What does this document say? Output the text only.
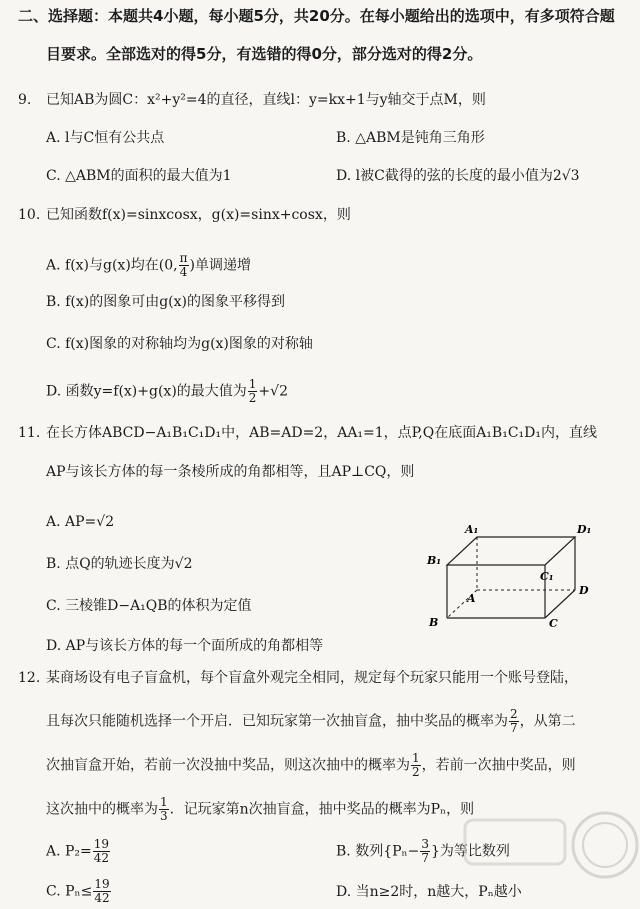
二、选择题：本题共4小题，每小题5分，共20分。在每小题给出的选项中，有多项符合题
目要求。全部选对的得5分，有选错的得0分，部分选对的得2分。
9. 已知AB为圆C：x²+y²=4的直径，直线l：y=kx+1与y轴交于点M，则
A. l与C恒有公共点	B. △ABM是钝角三角形
C. △ABM的面积的最大值为1	D. l被C截得的弦的长度的最小值为2√3
10. 已知函数f(x)=sinxcosx，g(x)=sinx+cosx，则
A. f(x)与g(x)均在(0, $\frac{\pi}{4}$ )单调递增
B. f(x)的图象可由g(x)的图象平移得到
C. f(x)图象的对称轴均为g(x)图象的对称轴
D. 函数y=f(x)+g(x)的最大值为 $\frac{1}{2} +√2$
11. 在长方体ABCD−A₁B₁C₁D₁中，AB=AD=2，AA₁=1，点P,Q在底面A₁B₁C₁D₁内，直线
AP与该长方体的每一条棱所成的角都相等，且AP⊥CQ，则
A. AP=√2
B. 点Q的轨迹长度为√2
C. 三棱锥D−A₁QB的体积为定值
D. AP与该长方体的每一个面所成的角都相等
A₁	D₁
B₁
C₁
A
D
B	C
12. 某商场设有电子盲盒机，每个盲盒外观完全相同，规定每个玩家只能用一个账号登陆，
且每次只能随机选择一个开启．已知玩家第一次抽盲盒，抽中奖品的概率为 $\frac{2}{7}$ ，从第二
次抽盲盒开始，若前一次没抽中奖品，则这次抽中的概率为 $\frac{1}{2}$ ，若前一次抽中奖品，则
这次抽中的概率为 $\frac{1}{3}$ ．记玩家第n次抽盲盒，抽中奖品的概率为Pₙ，则
A. $P_2= \frac{19}{42}$	B. 数列{$P_n- \frac{3}{7}$ }为等比数列
C. $P_n\le \frac{19}{42}$	D. 当n≥2时，n越大，Pₙ越小
